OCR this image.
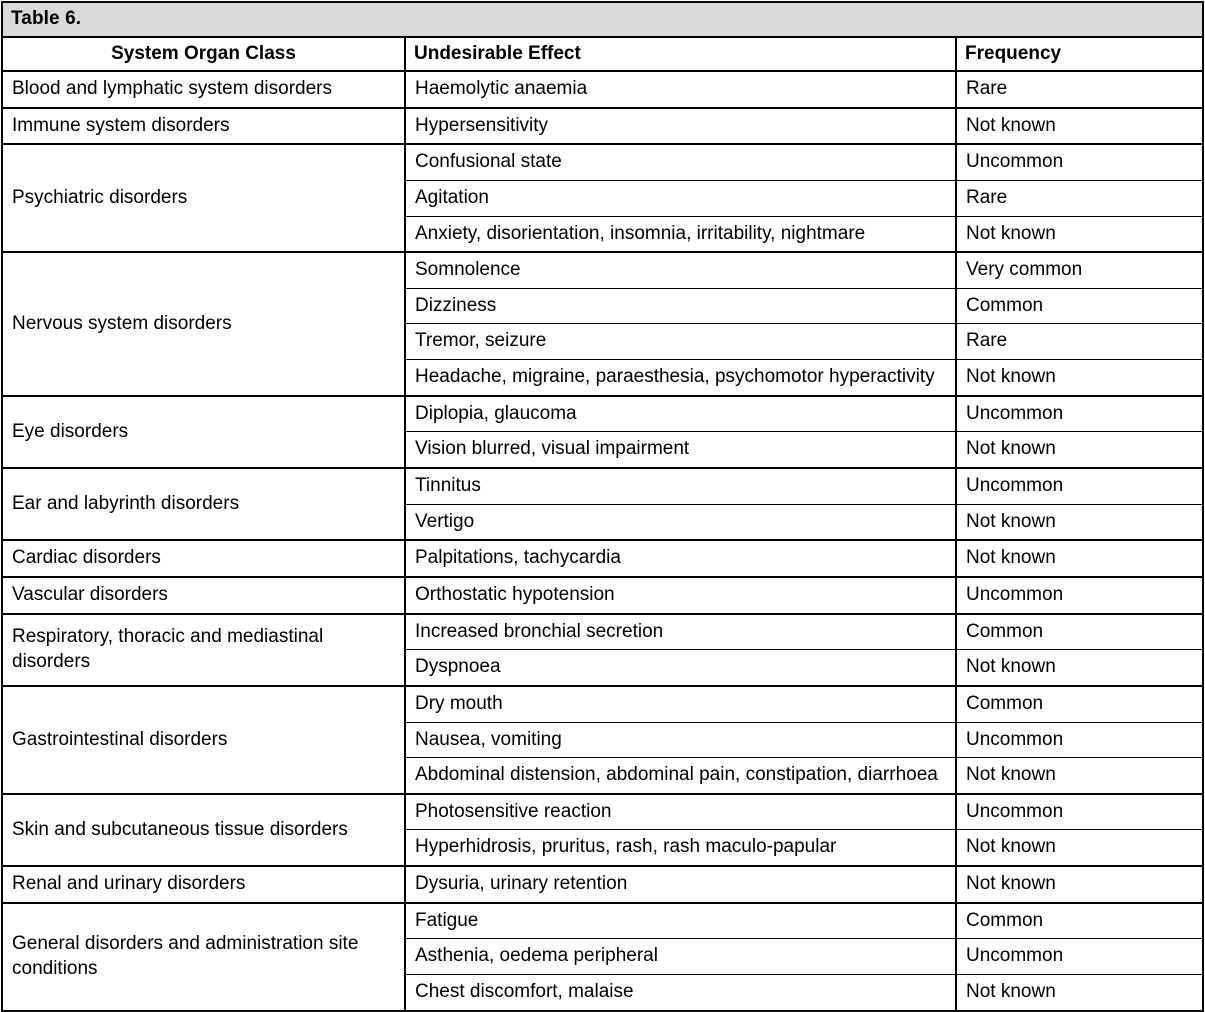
Table 6.		
System Organ Class	Undesirable Effect	Frequency
Blood and lymphatic system disorders	Haemolytic anaemia	Rare
Immune system disorders	Hypersensitivity	Not known
Psychiatric disorders	Confusional state	Uncommon
	Agitation	Rare
	Anxiety, disorientation, insomnia, irritability, nightmare	Not known
Nervous system disorders	Somnolence	Very common
	Dizziness	Common
	Tremor, seizure	Rare
	Headache, migraine, paraesthesia, psychomotor hyperactivity	Not known
Eye disorders	Diplopia, glaucoma	Uncommon
	Vision blurred, visual impairment	Not known
Ear and labyrinth disorders	Tinnitus	Uncommon
	Vertigo	Not known
Cardiac disorders	Palpitations, tachycardia	Not known
Vascular disorders	Orthostatic hypotension	Uncommon
Respiratory, thoracic and mediastinal disorders	Increased bronchial secretion	Common
	Dyspnoea	Not known
Gastrointestinal disorders	Dry mouth	Common
	Nausea, vomiting	Uncommon
	Abdominal distension, abdominal pain, constipation, diarrhoea	Not known
Skin and subcutaneous tissue disorders	Photosensitive reaction	Uncommon
	Hyperhidrosis, pruritus, rash, rash maculo-papular	Not known
Renal and urinary disorders	Dysuria, urinary retention	Not known
General disorders and administration site conditions	Fatigue	Common
	Asthenia, oedema peripheral	Uncommon
	Chest discomfort, malaise	Not known
